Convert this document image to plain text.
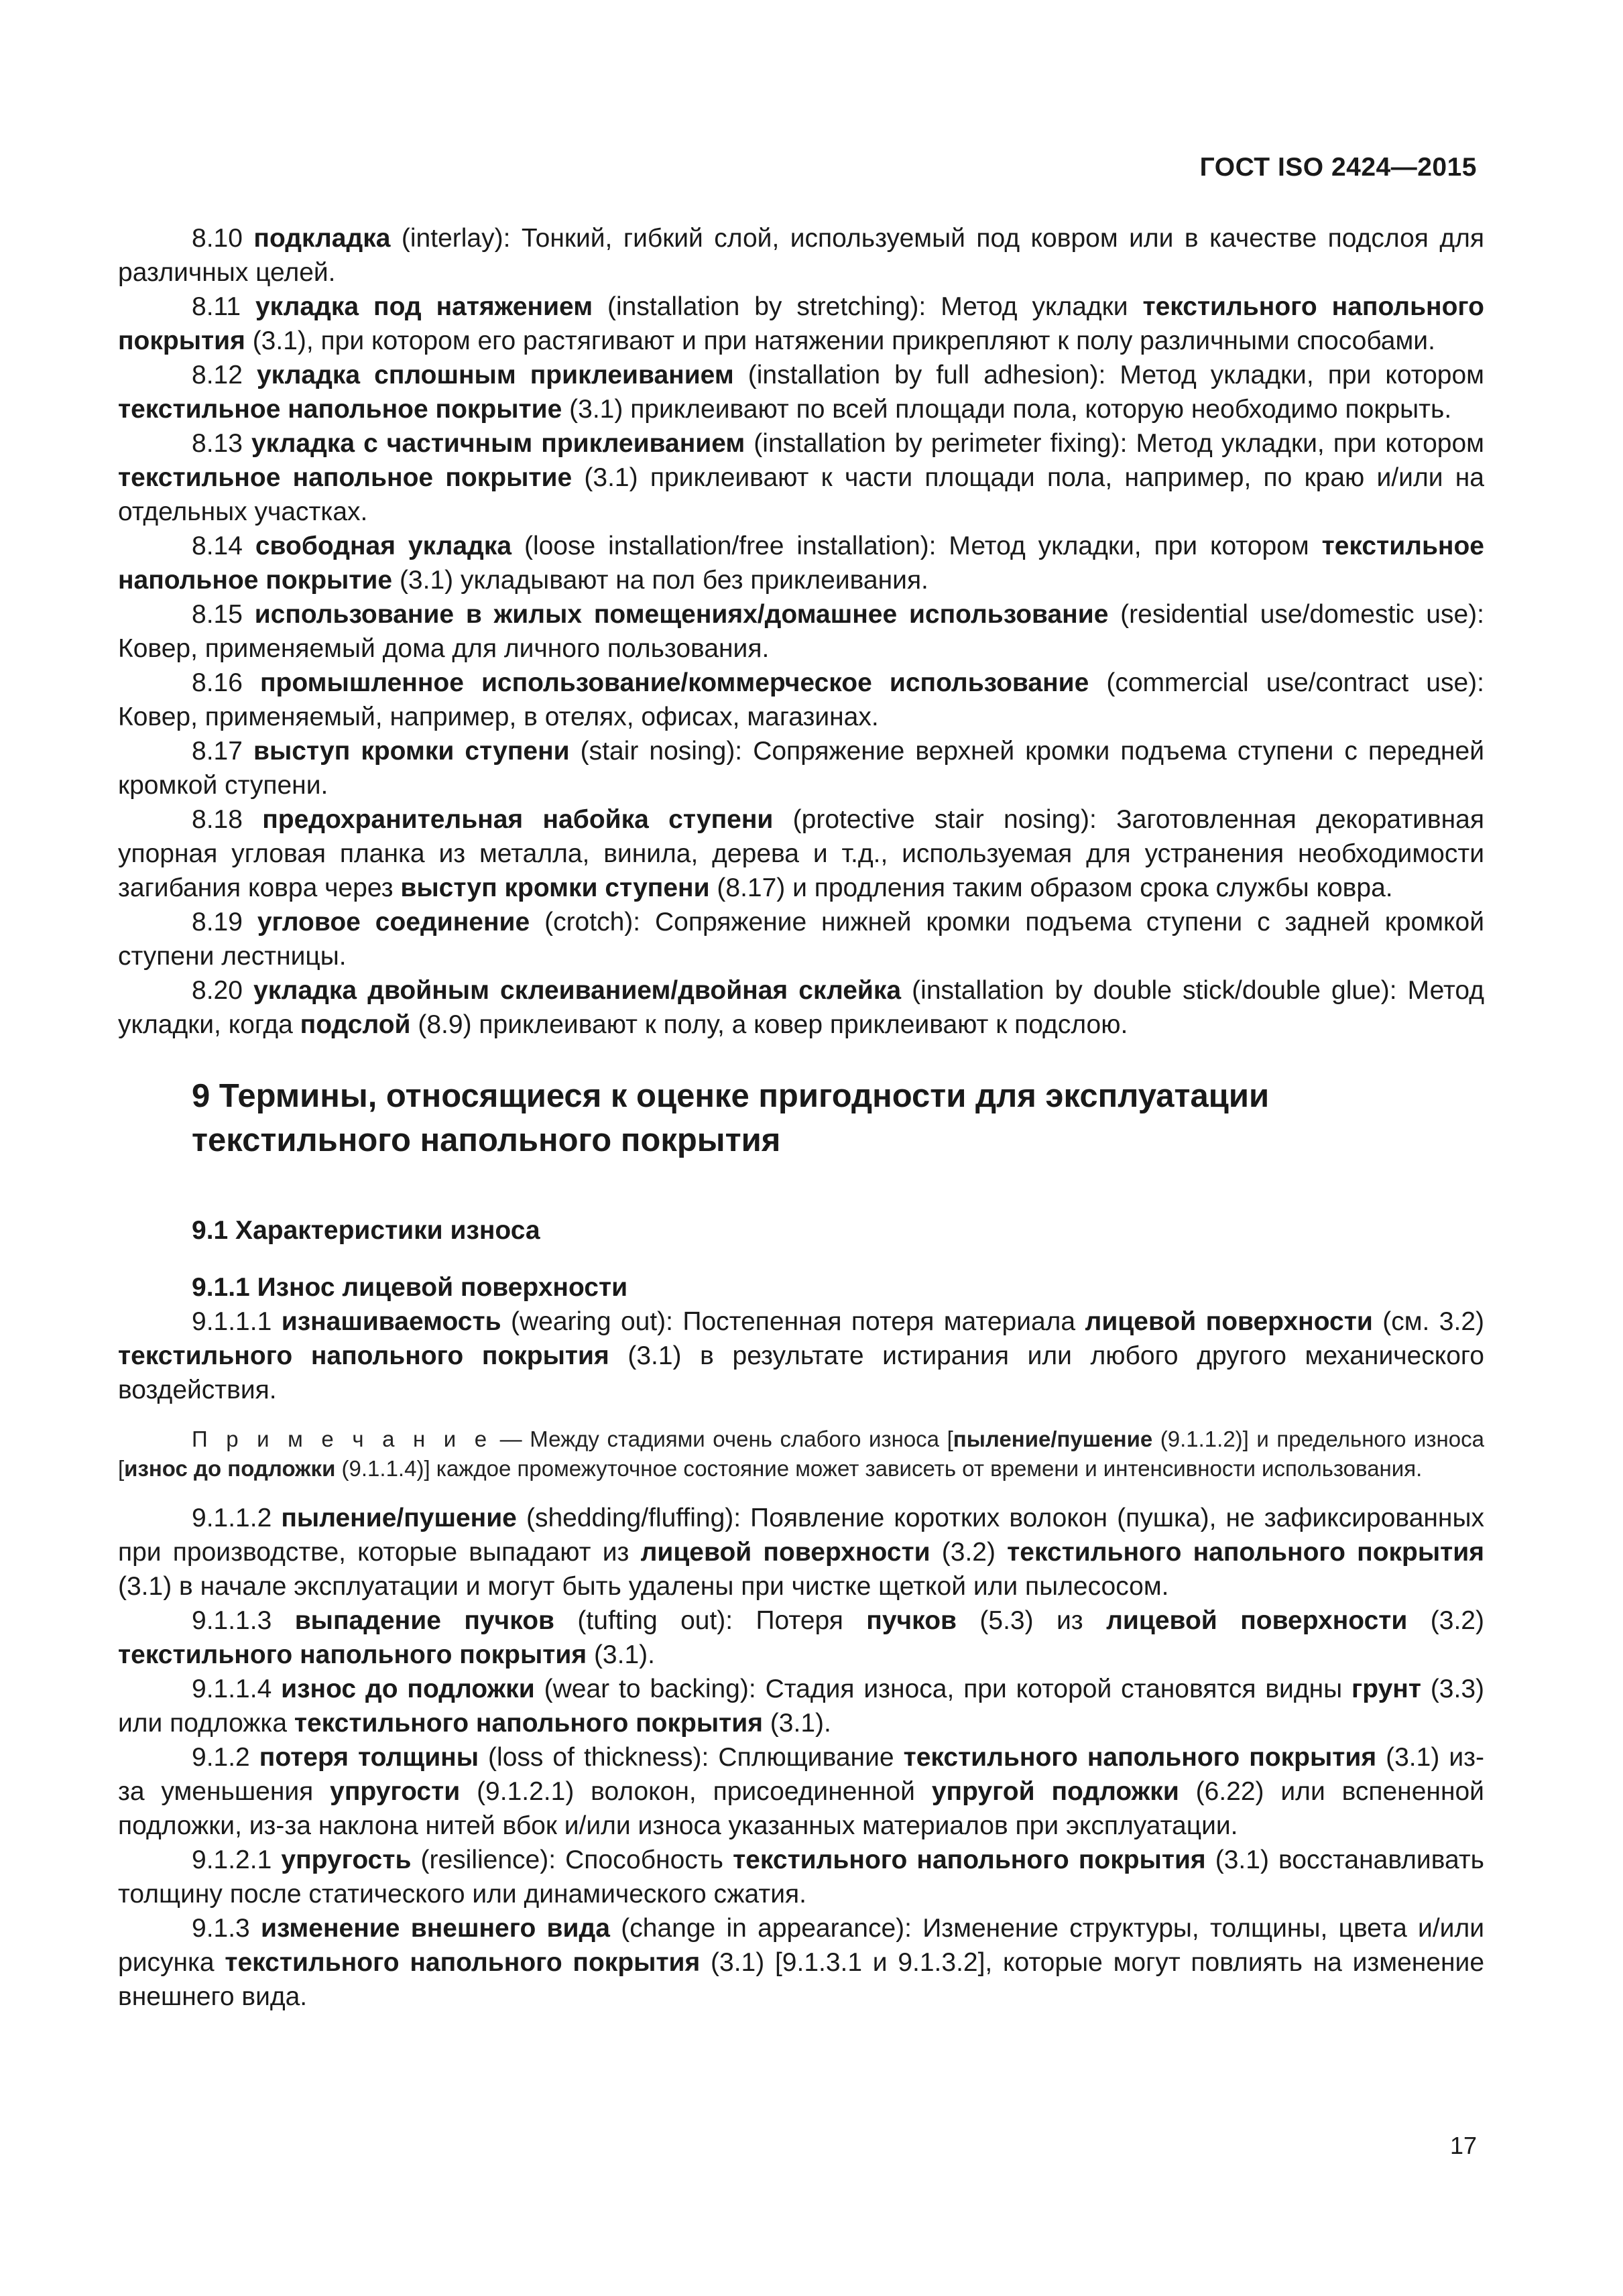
ГОСТ ISO 2424—2015

8.10 подкладка (interlay): Тонкий, гибкий слой, используемый под ковром или в качестве подслоя для различных целей.

8.11 укладка под натяжением (installation by stretching): Метод укладки текстильного напольного покрытия (3.1), при котором его растягивают и при натяжении прикрепляют к полу различными способами.

8.12 укладка сплошным приклеиванием (installation by full adhesion): Метод укладки, при котором текстильное напольное покрытие (3.1) приклеивают по всей площади пола, которую необходимо покрыть.

8.13 укладка с частичным приклеиванием (installation by perimeter fixing): Метод укладки, при котором текстильное напольное покрытие (3.1) приклеивают к части площади пола, например, по краю и/или на отдельных участках.

8.14 свободная укладка (loose installation/free installation): Метод укладки, при котором текстильное напольное покрытие (3.1) укладывают на пол без приклеивания.

8.15 использование в жилых помещениях/домашнее использование (residential use/domestic use): Ковер, применяемый дома для личного пользования.

8.16 промышленное использование/коммерческое использование (commercial use/contract use): Ковер, применяемый, например, в отелях, офисах, магазинах.

8.17 выступ кромки ступени (stair nosing): Сопряжение верхней кромки подъема ступени с передней кромкой ступени.

8.18 предохранительная набойка ступени (protective stair nosing): Заготовленная декоративная упорная угловая планка из металла, винила, дерева и т.д., используемая для устранения необходимости загибания ковра через выступ кромки ступени (8.17) и продления таким образом срока службы ковра.

8.19 угловое соединение (crotch): Сопряжение нижней кромки подъема ступени с задней кромкой ступени лестницы.

8.20 укладка двойным склеиванием/двойная склейка (installation by double stick/double glue): Метод укладки, когда подслой (8.9) приклеивают к полу, а ковер приклеивают к подслою.

9 Термины, относящиеся к оценке пригодности для эксплуатации
текстильного напольного покрытия
9.1 Характеристики износа
9.1.1 Износ лицевой поверхности

9.1.1.1 изнашиваемость (wearing out): Постепенная потеря материала лицевой поверхности (см. 3.2) текстильного напольного покрытия (3.1) в результате истирания или любого другого механического воздействия.

П р и м е ч а н и е — Между стадиями очень слабого износа [пыление/пушение (9.1.1.2)] и предельного износа [износ до подложки (9.1.1.4)] каждое промежуточное состояние может зависеть от времени и интенсивности использования.

9.1.1.2 пыление/пушение (shedding/fluffing): Появление коротких волокон (пушка), не зафиксированных при производстве, которые выпадают из лицевой поверхности (3.2) текстильного напольного покрытия (3.1) в начале эксплуатации и могут быть удалены при чистке щеткой или пылесосом.

9.1.1.3 выпадение пучков (tufting out): Потеря пучков (5.3) из лицевой поверхности (3.2) текстильного напольного покрытия (3.1).

9.1.1.4 износ до подложки (wear to backing): Стадия износа, при которой становятся видны грунт (3.3) или подложка текстильного напольного покрытия (3.1).

9.1.2 потеря толщины (loss of thickness): Сплющивание текстильного напольного покрытия (3.1) из-за уменьшения упругости (9.1.2.1) волокон, присоединенной упругой подложки (6.22) или вспененной подложки, из-за наклона нитей вбок и/или износа указанных материалов при эксплуатации.

9.1.2.1 упругость (resilience): Способность текстильного напольного покрытия (3.1) восстанавливать толщину после статического или динамического сжатия.

9.1.3 изменение внешнего вида (change in appearance): Изменение структуры, толщины, цвета и/или рисунка текстильного напольного покрытия (3.1) [9.1.3.1 и 9.1.3.2], которые могут повлиять на изменение внешнего вида.

17
